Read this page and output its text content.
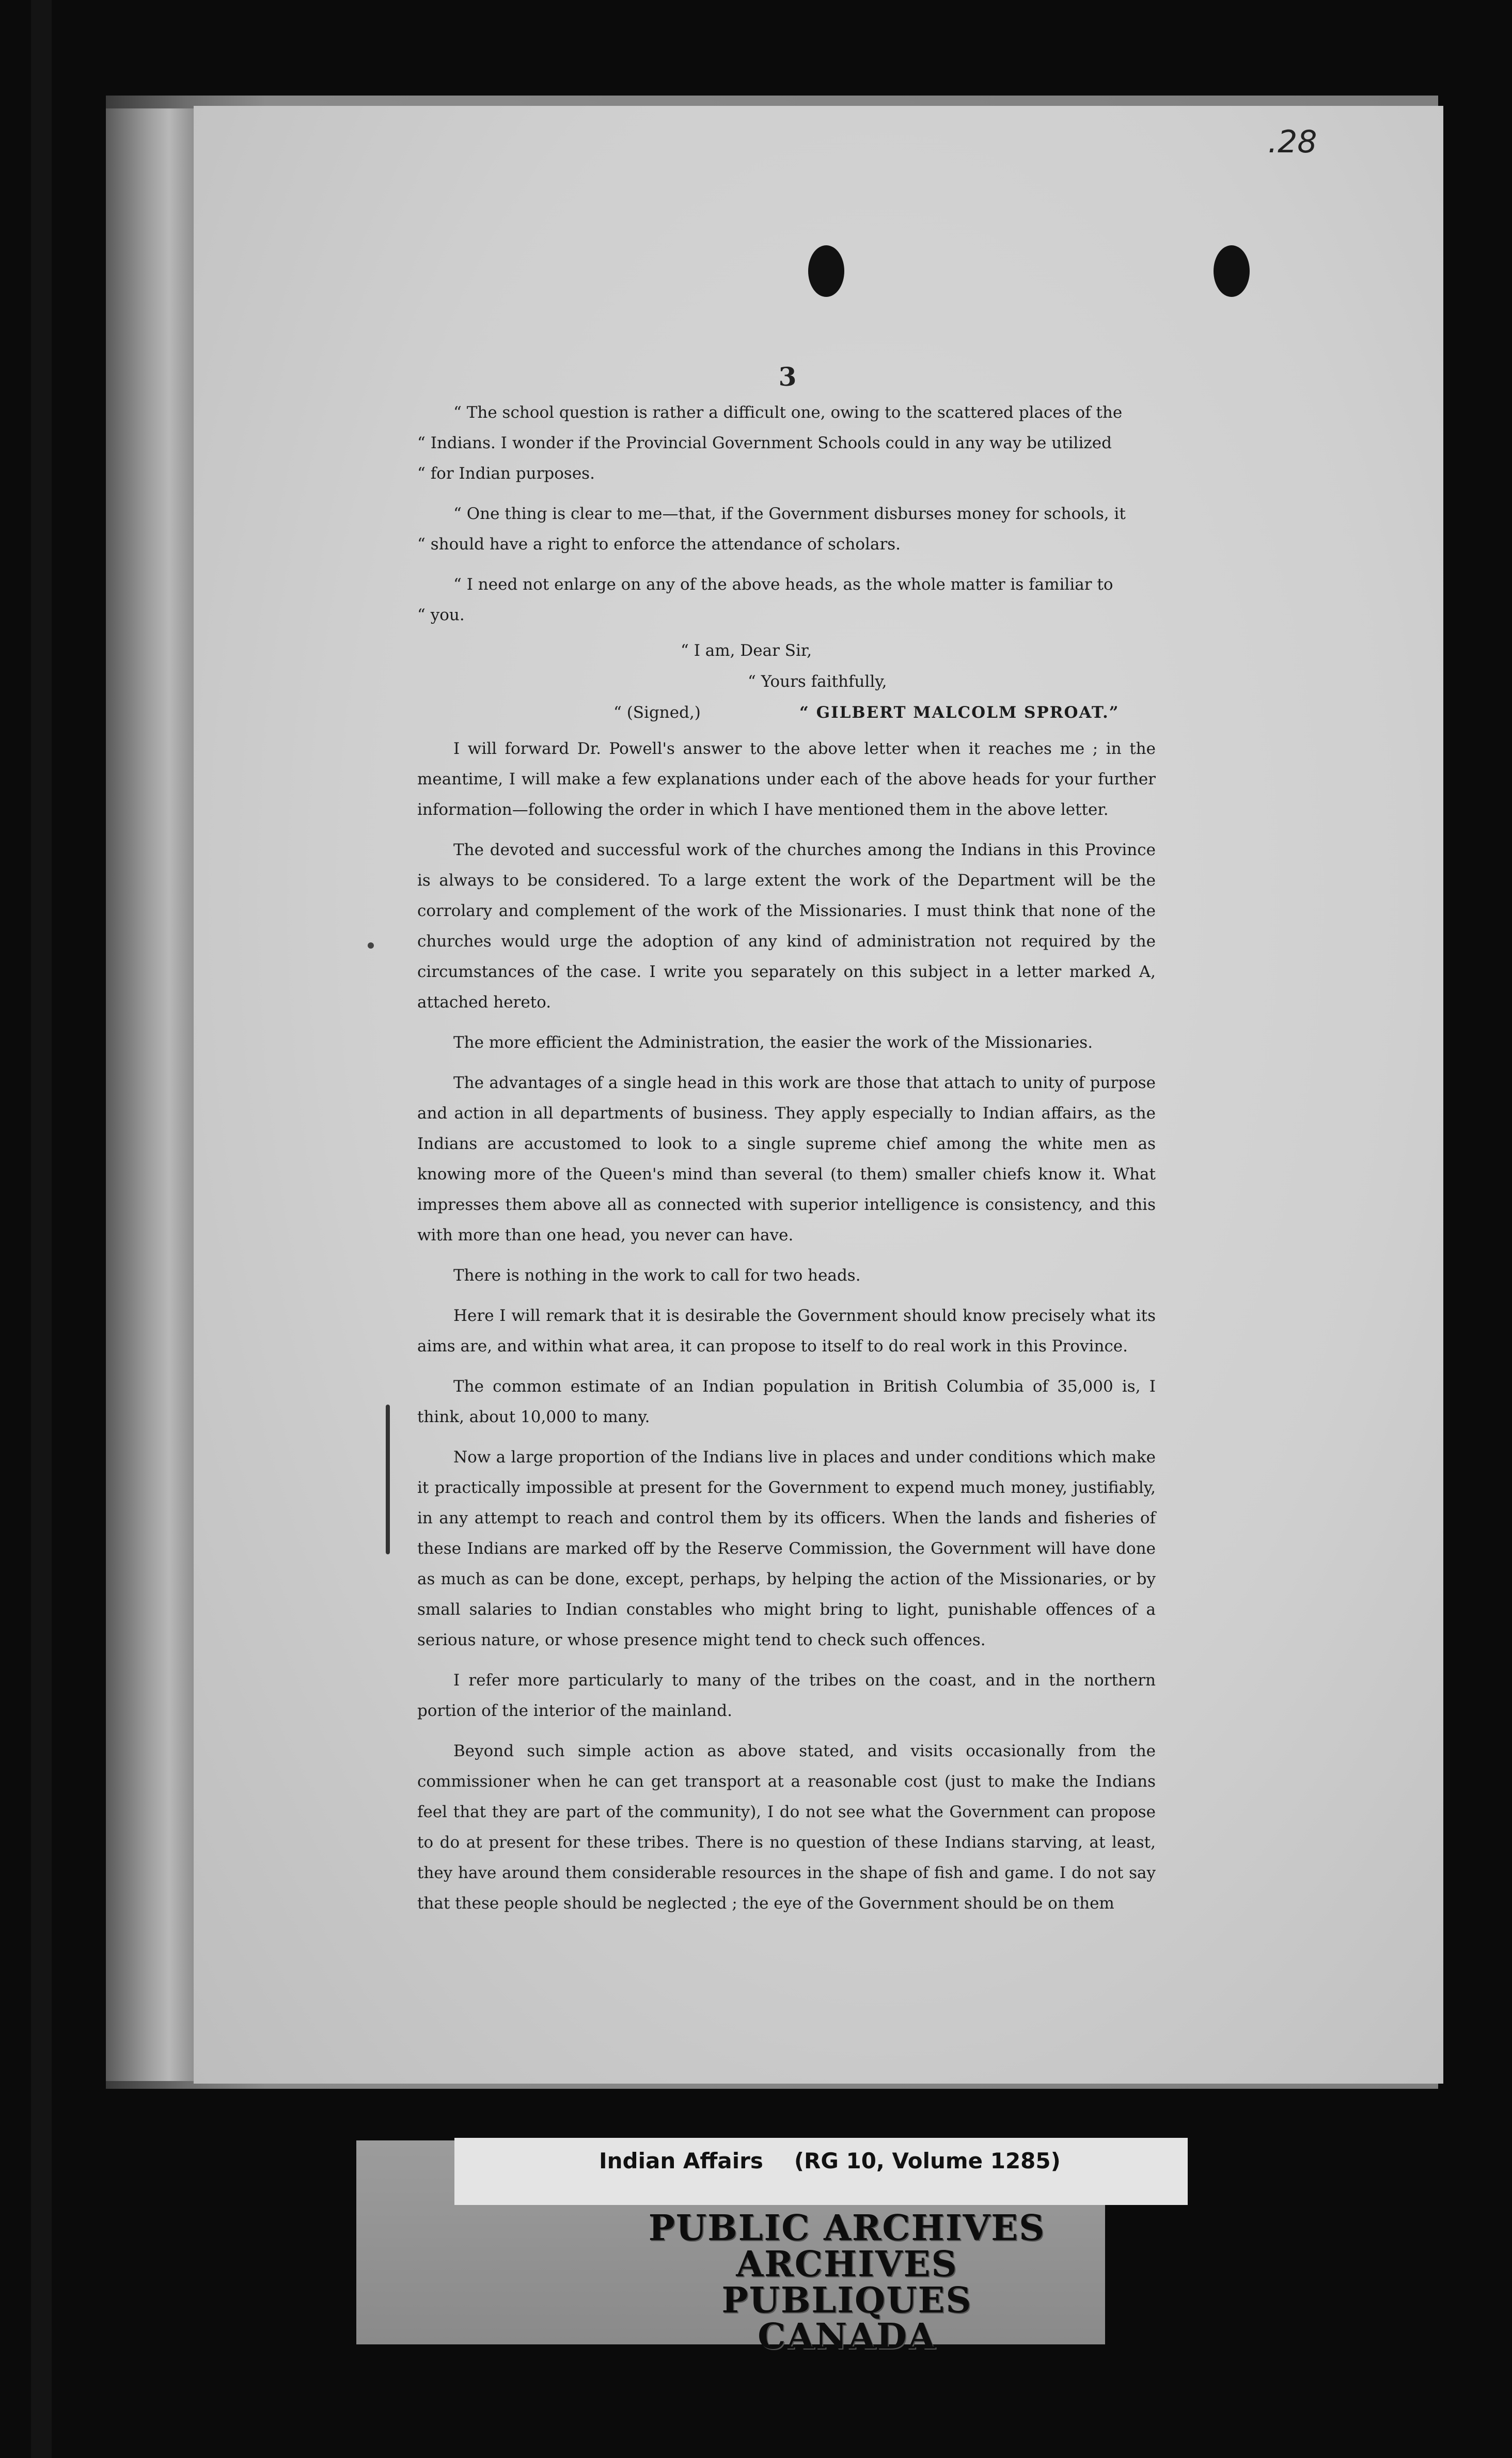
.28
3

“ The school question is rather a difficult one, owing to the scattered places of the

“ Indians. I wonder if the Provincial Government Schools could in any way be utilized

“ for Indian purposes.

“ One thing is clear to me—that, if the Government disburses money for schools, it

“ should have a right to enforce the attendance of scholars.

“ I need not enlarge on any of the above heads, as the whole matter is familiar to

“ you.

“ I am, Dear Sir,
“ Yours faithfully,
“ (Signed,)	“ GILBERT MALCOLM SPROAT.”

I will forward Dr. Powell's answer to the above letter when it reaches me ; in the meantime, I will make a few explanations under each of the above heads for your further information—following the order in which I have mentioned them in the above letter.

The devoted and successful work of the churches among the Indians in this Province is always to be considered. To a large extent the work of the Department will be the corrolary and complement of the work of the Missionaries. I must think that none of the churches would urge the adoption of any kind of administration not required by the circumstances of the case. I write you separately on this subject in a letter marked A, attached hereto.

The more efficient the Administration, the easier the work of the Missionaries.

The advantages of a single head in this work are those that attach to unity of purpose and action in all departments of business. They apply especially to Indian affairs, as the Indians are accustomed to look to a single supreme chief among the white men as knowing more of the Queen's mind than several (to them) smaller chiefs know it. What impresses them above all as connected with superior intelligence is consistency, and this with more than one head, you never can have.

There is nothing in the work to call for two heads.

Here I will remark that it is desirable the Government should know precisely what its aims are, and within what area, it can propose to itself to do real work in this Province.

The common estimate of an Indian population in British Columbia of 35,000 is, I think, about 10,000 to many.

Now a large proportion of the Indians live in places and under conditions which make it practically impossible at present for the Government to expend much money, justifiably, in any attempt to reach and control them by its officers. When the lands and fisheries of these Indians are marked off by the Reserve Commission, the Government will have done as much as can be done, except, perhaps, by helping the action of the Missionaries, or by small salaries to Indian constables who might bring to light, punishable offences of a serious nature, or whose presence might tend to check such offences.

I refer more particularly to many of the tribes on the coast, and in the northern portion of the interior of the mainland.

Beyond such simple action as above stated, and visits occasionally from the commissioner when he can get transport at a reasonable cost (just to make the Indians feel that they are part of the community), I do not see what the Government can propose to do at present for these tribes. There is no question of these Indians starving, at least, they have around them considerable resources in the shape of fish and game. I do not say that these people should be neglected ; the eye of the Government should be on them

Indian Affairs (RG 10, Volume 1285)
PUBLIC ARCHIVES
ARCHIVES PUBLIQUES
CANADA
